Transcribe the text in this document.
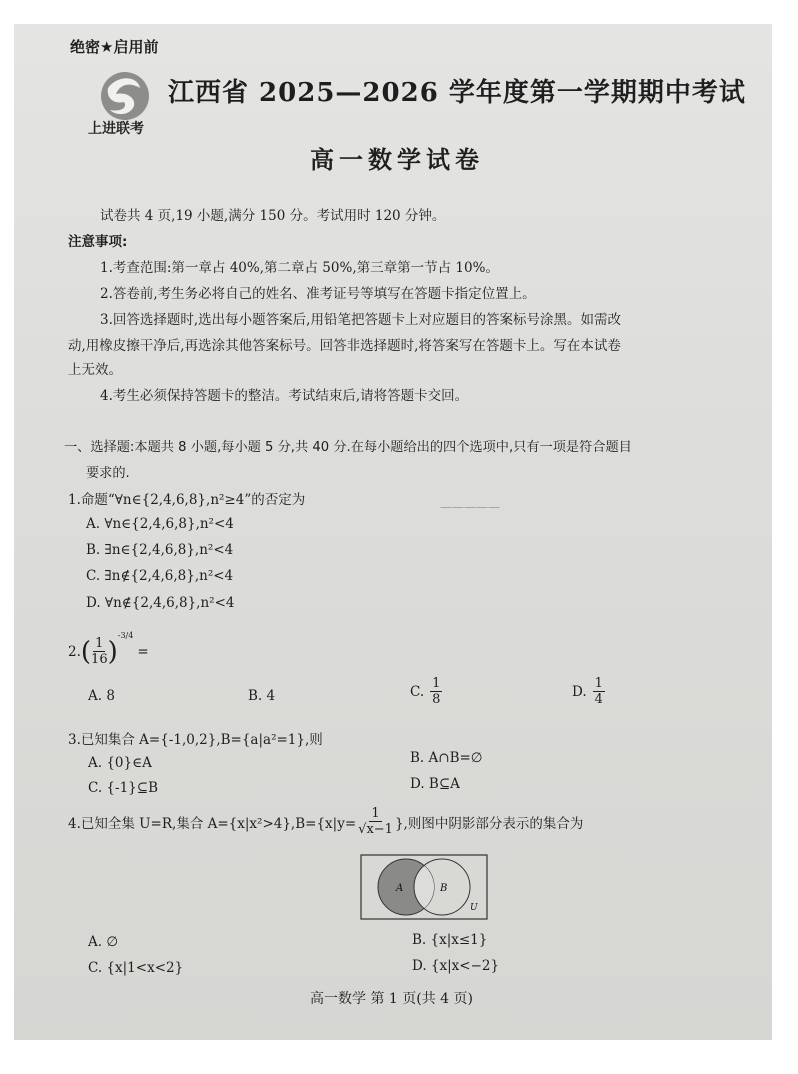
—————
绝密★启用前
上进联考
江西省 2025—2026 学年度第一学期期中考试
高一数学试卷
试卷共 4 页,19 小题,满分 150 分。考试用时 120 分钟。
注意事项:
1.考查范围:第一章占 40%,第二章占 50%,第三章第一节占 10%。
2.答卷前,考生务必将自己的姓名、准考证号等填写在答题卡指定位置上。
3.回答选择题时,选出每小题答案后,用铅笔把答题卡上对应题目的答案标号涂黑。如需改
动,用橡皮擦干净后,再选涂其他答案标号。回答非选择题时,将答案写在答题卡上。写在本试卷
上无效。
4.考生必须保持答题卡的整洁。考试结束后,请将答题卡交回。
一、选择题:本题共 8 小题,每小题 5 分,共 40 分.在每小题给出的四个选项中,只有一项是符合题目
要求的.
1.命题“∀n∈{2,4,6,8},n²≥4”的否定为
A. ∀n∈{2,4,6,8},n²<4
B. ∃n∈{2,4,6,8},n²<4
C. ∃n∉{2,4,6,8},n²<4
D. ∀n∉{2,4,6,8},n²<4
2. ( $\frac{1}{16}$ )
-3/4
=
A. 8	B. 4	C. $\frac{1}{8}$	D. $\frac{1}{4}$
3.已知集合 A={-1,0,2},B={a|a²=1},则
A. {0}∈A	B. A∩B=∅
C. {-1}⊆B	D. B⊆A
4.已知全集 U=R,集合 $A=\{x|x^2>4\},B=\{x|y= \frac{1}{√x-1}$ },则图中阴影部分表示的集合为
A	B
U
A. ∅	B. {x|x≤1}
C. {x|1<x<2}	D. {x|x<−2}
高一数学 第 1 页(共 4 页)
